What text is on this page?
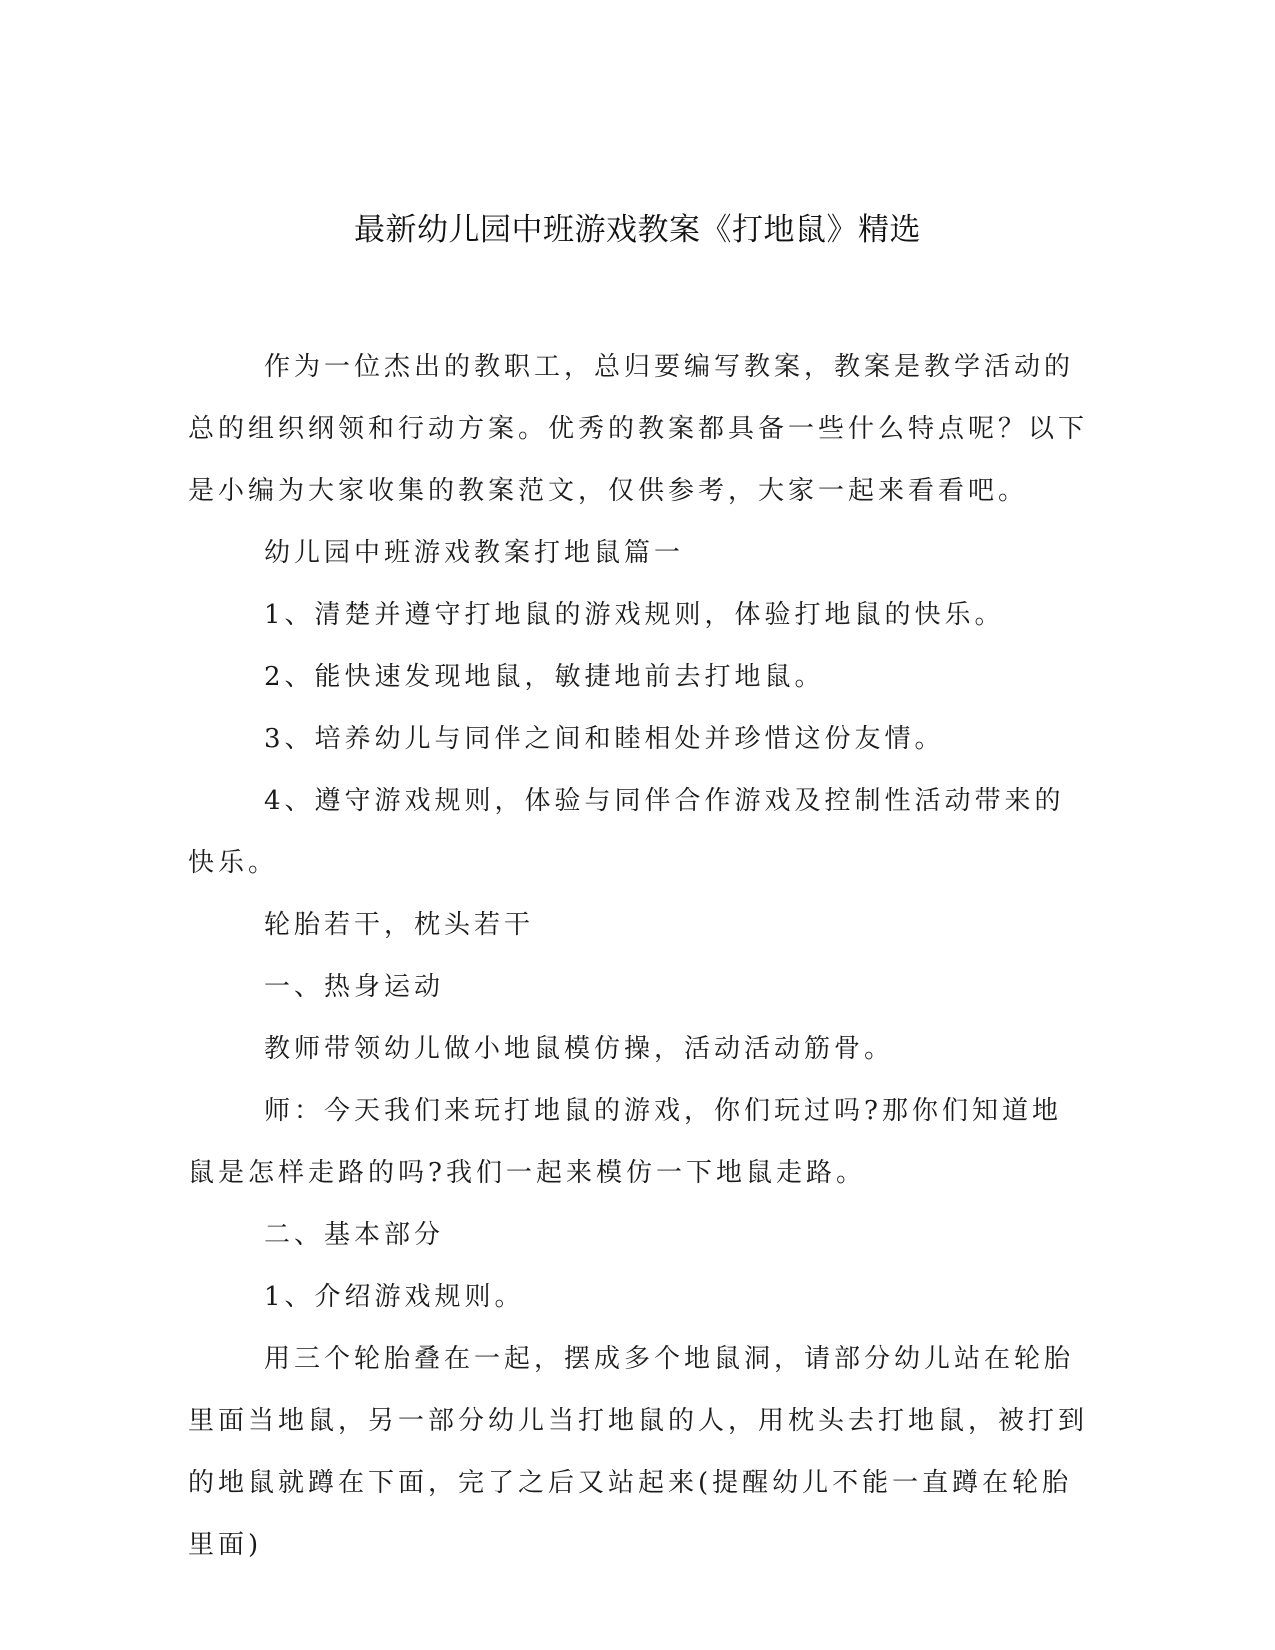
最新幼儿园中班游戏教案《打地鼠》精选

作为一位杰出的教职工，总归要编写教案，教案是教学活动的总的组织纲领和行动方案。优秀的教案都具备一些什么特点呢？以下是小编为大家收集的教案范文，仅供参考，大家一起来看看吧。

幼儿园中班游戏教案打地鼠篇一

1、清楚并遵守打地鼠的游戏规则，体验打地鼠的快乐。

2、能快速发现地鼠，敏捷地前去打地鼠。

3、培养幼儿与同伴之间和睦相处并珍惜这份友情。

4、遵守游戏规则，体验与同伴合作游戏及控制性活动带来的快乐。

轮胎若干，枕头若干

一、热身运动

教师带领幼儿做小地鼠模仿操，活动活动筋骨。

师：今天我们来玩打地鼠的游戏，你们玩过吗?那你们知道地鼠是怎样走路的吗?我们一起来模仿一下地鼠走路。

二、基本部分

1、介绍游戏规则。

用三个轮胎叠在一起，摆成多个地鼠洞，请部分幼儿站在轮胎里面当地鼠，另一部分幼儿当打地鼠的人，用枕头去打地鼠，被打到的地鼠就蹲在下面，完了之后又站起来(提醒幼儿不能一直蹲在轮胎里面)
